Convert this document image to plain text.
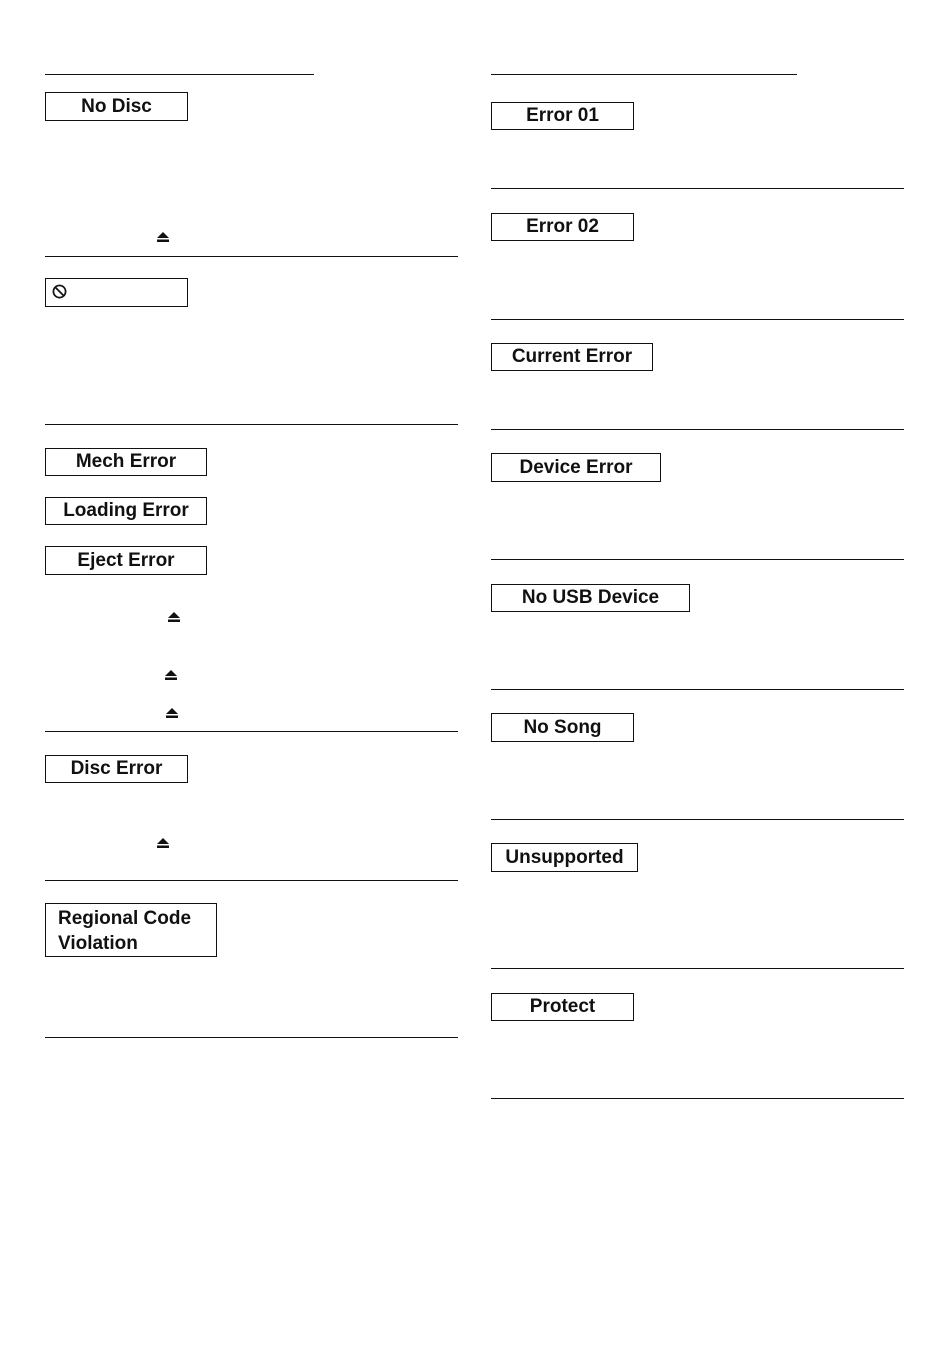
No Disc
Mech Error
Loading Error
Eject Error
Disc Error
Regional Code
Violation
Error 01
Error 02
Current Error
Device Error
No USB Device
No Song
Unsupported
Protect
